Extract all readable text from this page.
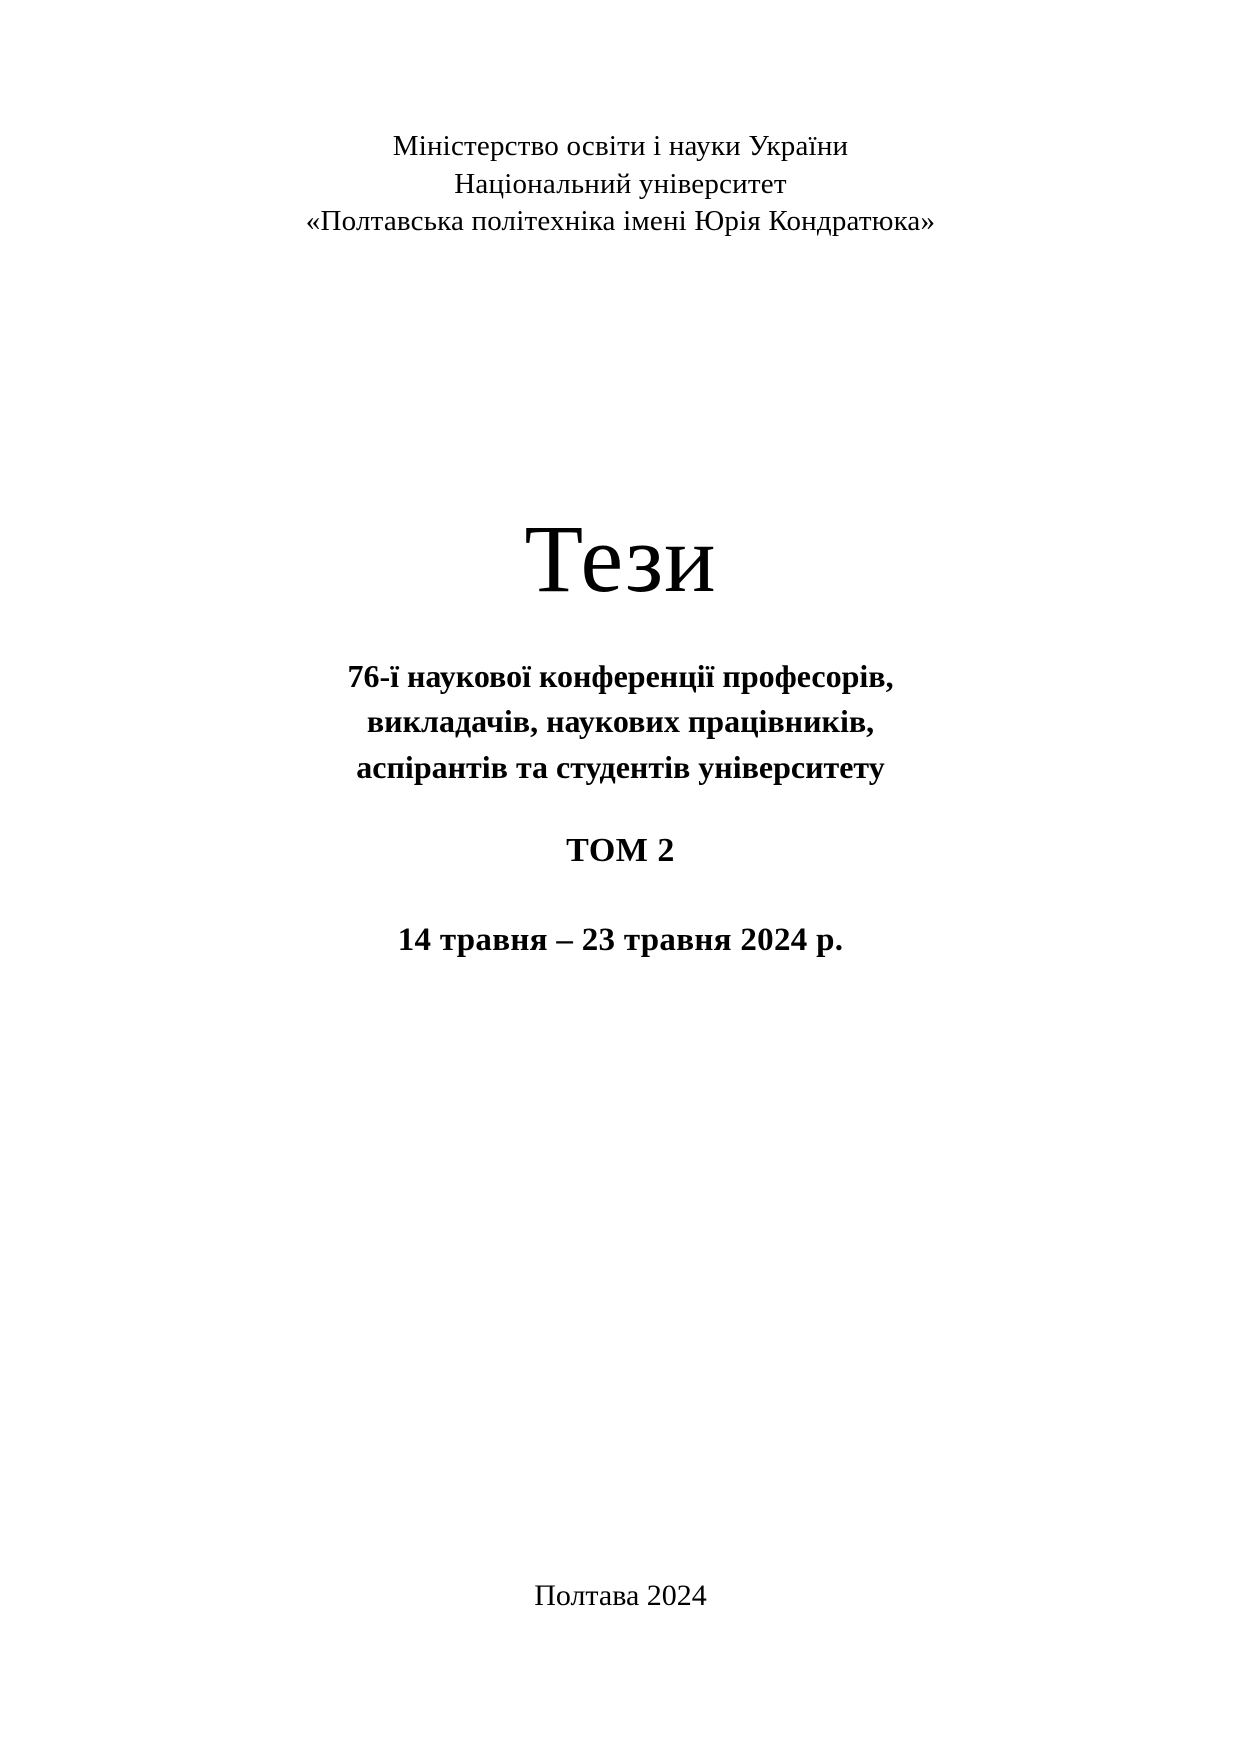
Міністерство освіти і науки України
Національний університет
«Полтавська політехніка імені Юрія Кондратюка»
Тези
76-ї наукової конференції професорів,
викладачів, наукових працівників,
аспірантів та студентів університету
ТОМ 2
14 травня – 23 травня 2024 р.
Полтава 2024
